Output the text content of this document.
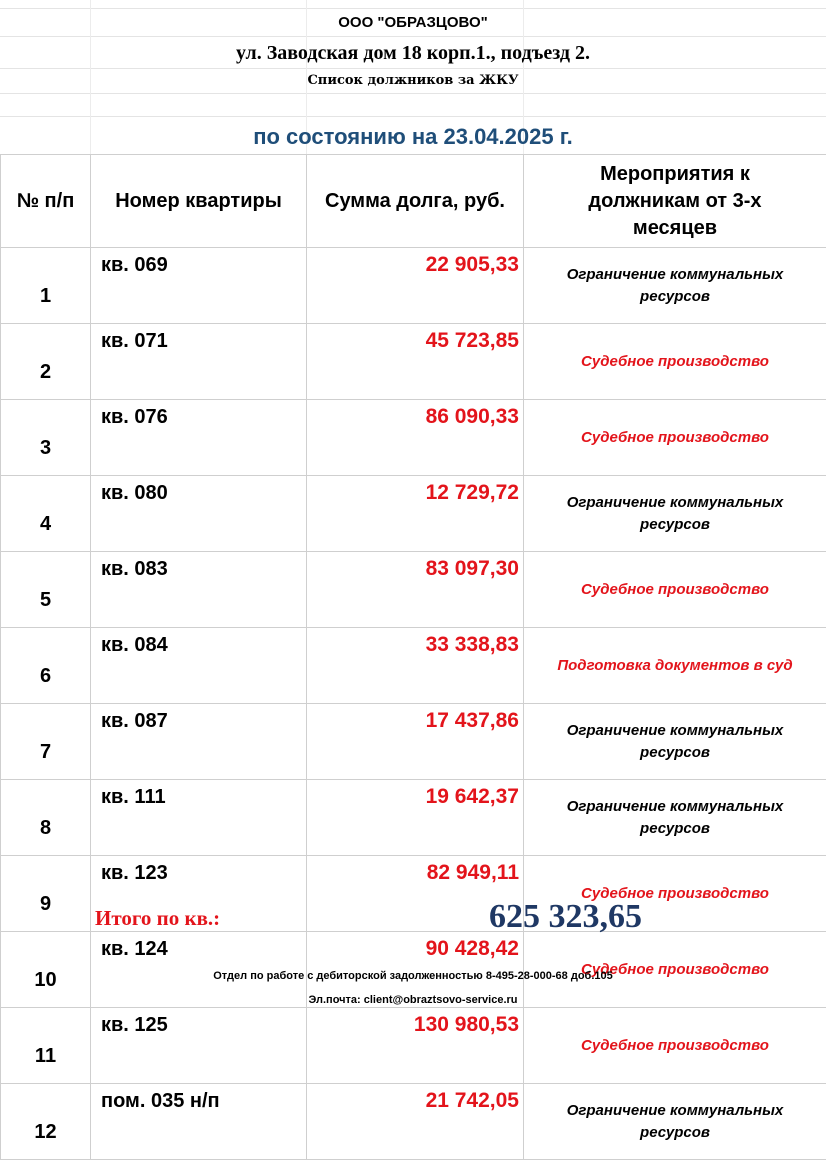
ООО "ОБРАЗЦОВО"
ул. Заводская дом 18 корп.1., подъезд 2.
Список должников за ЖКУ
по состоянию на 23.04.2025 г.
№ п/п	Номер квартиры	Сумма долга, руб.	Мероприятия к должникам от 3-х месяцев
1	кв. 069	22 905,33	Ограничение коммунальных ресурсов
2	кв. 071	45 723,85	Судебное производство
3	кв. 076	86 090,33	Судебное производство
4	кв. 080	12 729,72	Ограничение коммунальных ресурсов
5	кв. 083	83 097,30	Судебное производство
6	кв. 084	33 338,83	Подготовка документов в суд
7	кв. 087	17 437,86	Ограничение коммунальных ресурсов
8	кв. 111	19 642,37	Ограничение коммунальных ресурсов
9	кв. 123	82 949,11	Судебное производство
10	кв. 124	90 428,42	Судебное производство
11	кв. 125	130 980,53	Судебное производство
12	пом. 035 н/п	21 742,05	Ограничение коммунальных ресурсов
Итого по кв.:	625 323,65
Отдел по работе с дебиторской задолженностью 8-495-28-000-68 доб.105
Эл.почта: client@obraztsovo-service.ru
